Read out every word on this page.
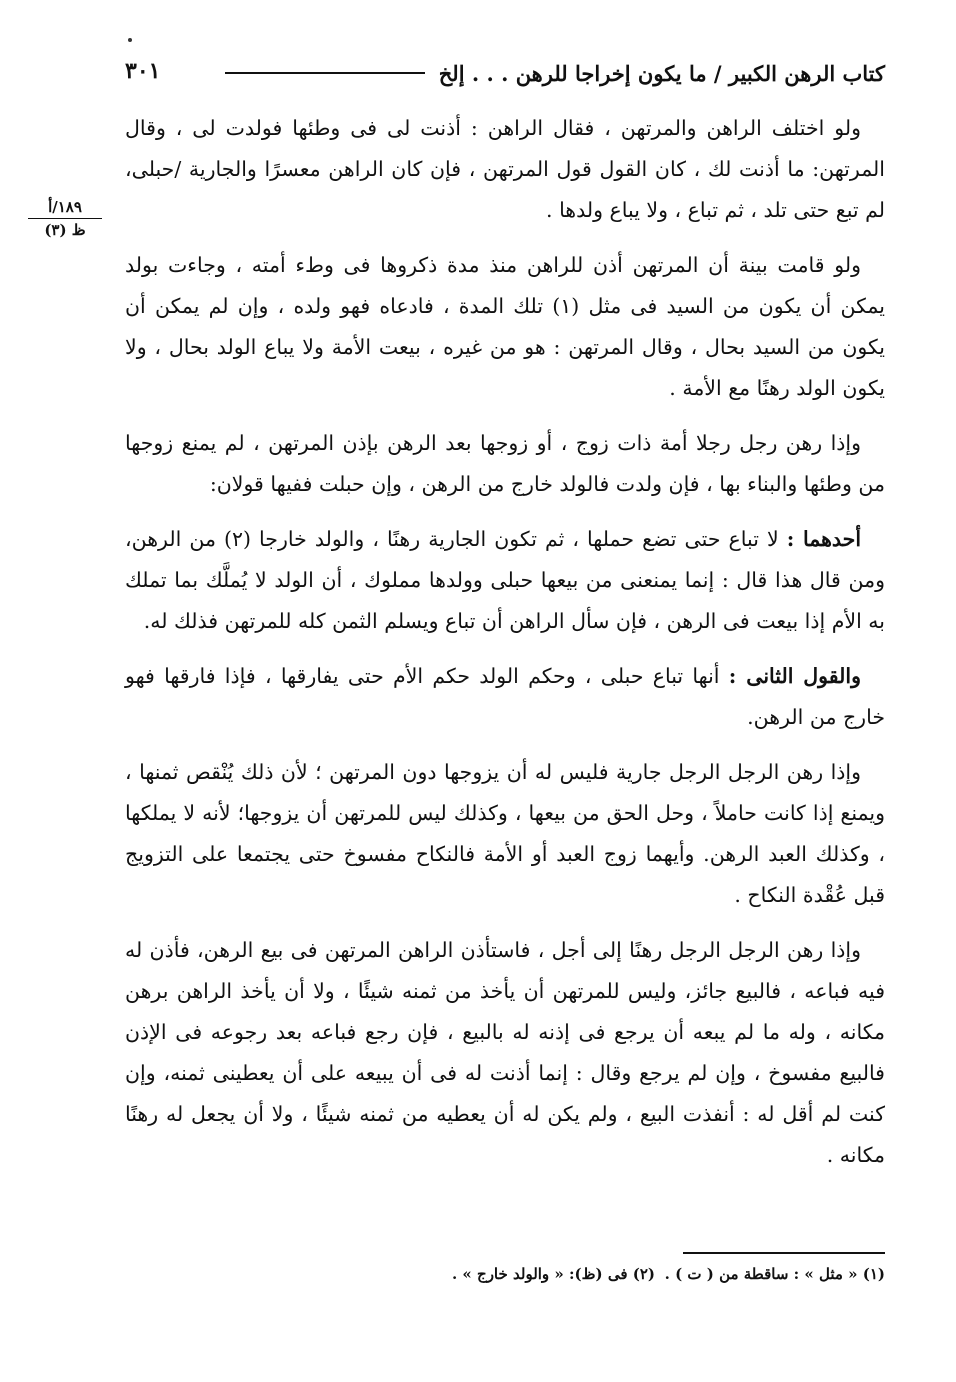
كتاب الرهن الكبير / ما يكون إخراجا للرهن . . . إلخ
٣٠١
١٨٩/أ
ظ (٣)

ولو اختلف الراهن والمرتهن ، فقال الراهن : أذنت لى فى وطئها فولدت لى ، وقال المرتهن: ما أذنت لك ، كان القول قول المرتهن ، فإن كان الراهن معسرًا والجارية /حبلى، لم تبع حتى تلد ، ثم تباع ، ولا يباع ولدها .

ولو قامت بينة أن المرتهن أذن للراهن منذ مدة ذكروها فى وطء أمته ، وجاءت بولد يمكن أن يكون من السيد فى مثل (١) تلك المدة ، فادعاه فهو ولده ، وإن لم يمكن أن يكون من السيد بحال ، وقال المرتهن : هو من غيره ، بيعت الأمة ولا يباع الولد بحال ، ولا يكون الولد رهنًا مع الأمة .

وإذا رهن رجل رجلا أمة ذات زوج ، أو زوجها بعد الرهن بإذن المرتهن ، لم يمنع زوجها من وطئها والبناء بها ، فإن ولدت فالولد خارج من الرهن ، وإن حبلت ففيها قولان:

أحدهما : لا تباع حتى تضع حملها ، ثم تكون الجارية رهنًا ، والولد خارجا (٢) من الرهن، ومن قال هذا قال : إنما يمنعنى من بيعها حبلى وولدها مملوك ، أن الولد لا يُملَّك بما تملك به الأم إذا بيعت فى الرهن ، فإن سأل الراهن أن تباع ويسلم الثمن كله للمرتهن فذلك له.

والقول الثانى : أنها تباع حبلى ، وحكم الولد حكم الأم حتى يفارقها ، فإذا فارقها فهو خارج من الرهن.

وإذا رهن الرجل الرجل جارية فليس له أن يزوجها دون المرتهن ؛ لأن ذلك يُنْقص ثمنها ، ويمنع إذا كانت حاملاً ، وحل الحق من بيعها ، وكذلك ليس للمرتهن أن يزوجها؛ لأنه لا يملكها ، وكذلك العبد الرهن. وأيهما زوج العبد أو الأمة فالنكاح مفسوخ حتى يجتمعا على التزويج قبل عُقْدة النكاح .

وإذا رهن الرجل الرجل رهنًا إلى أجل ، فاستأذن الراهن المرتهن فى بيع الرهن، فأذن له فيه فباعه ، فالبيع جائز، وليس للمرتهن أن يأخذ من ثمنه شيئًا ، ولا أن يأخذ الراهن برهن مكانه ، وله ما لم يبعه أن يرجع فى إذنه له بالبيع ، فإن رجع فباعه بعد رجوعه فى الإذن فالبيع مفسوخ ، وإن لم يرجع وقال : إنما أذنت له فى أن يبيعه على أن يعطينى ثمنه، وإن كنت لم أقل له : أنفذت البيع ، ولم يكن له أن يعطيه من ثمنه شيئًا ، ولا أن يجعل له رهنًا مكانه .

(١) « مثل » : ساقطة من ( ت ) .
(٢) فى (ظ): « والولد خارج » .
